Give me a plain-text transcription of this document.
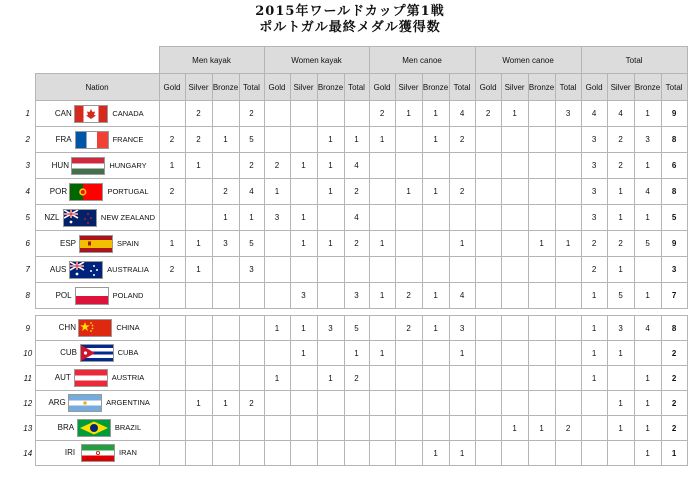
2015年ワールドカップ第1戦
ポルトガル最終メダル獲得数
		Men kayak				Women kayak				Men canoe				Women canoe				Total			
	Nation	Gold	Silver	Bronze	Total	Gold	Silver	Bronze	Total	Gold	Silver	Bronze	Total	Gold	Silver	Bronze	Total	Gold	Silver	Bronze	Total
1	CAN CANADA		2		2					2	1	1	4	2	1		3	4	4	1	9
2	FRA FRANCE	2	2	1	5			1	1	1		1	2					3	2	3	8
3	HUN HUNGARY	1	1		2	2	1	1	4									3	2	1	6
4	POR PORTUGAL	2		2	4	1		1	2		1	1	2					3	1	4	8
5	NZL NEW ZEALAND			1	1	3	1		4									3	1	1	5
6	ESP SPAIN	1	1	3	5		1	1	2	1			1			1	1	2	2	5	9
7	AUS AUSTRALIA	2	1		3													2	1		3
8	POL POLAND						3		3	1	2	1	4					1	5	1	7

9	CHN CHINA					1	1	3	5		2	1	3					1	3	4	8
10	CUB CUBA						1		1	1			1					1	1		2
11	AUT AUSTRIA					1		1	2									1		1	2
12	ARG ARGENTINA		1	1	2														1	1	2
13	BRA BRAZIL														1	1	2		1	1	2
14	IRI IRAN											1	1							1	1
